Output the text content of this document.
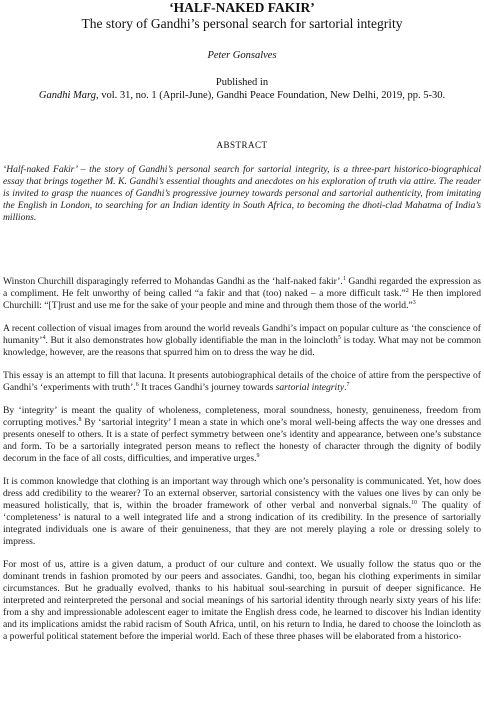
‘HALF-NAKED FAKIR’
The story of Gandhi’s personal search for sartorial integrity
Peter Gonsalves
Published in
Gandhi Marg, vol. 31, no. 1 (April-June), Gandhi Peace Foundation, New Delhi, 2019, pp. 5-30.
ABSTRACT
‘Half-naked Fakir’ – the story of Gandhi’s personal search for sartorial integrity, is a three-part historico-biographical essay that brings together M. K. Gandhi’s essential thoughts and anecdotes on his exploration of truth via attire. The reader is invited to grasp the nuances of Gandhi’s progressive journey towards personal and sartorial authenticity, from imitating the English in London, to searching for an Indian identity in South Africa, to becoming the dhoti-clad Mahatma of India’s millions.

Winston Churchill disparagingly referred to Mohandas Gandhi as the ‘half-naked fakir’.$^1$ Gandhi regarded the expression as a compliment. He felt unworthy of being called “a fakir and that (too) naked – a more difficult task.”$^2$ He then implored Churchill: “[T]rust and use me for the sake of your people and mine and through them those of the world.”$^3$

A recent collection of visual images from around the world reveals Gandhi’s impact on popular culture as ‘the conscience of humanity’$^4$. But it also demonstrates how globally identifiable the man in the loincloth$^5$ is today. What may not be common knowledge, however, are the reasons that spurred him on to dress the way he did.

This essay is an attempt to fill that lacuna. It presents autobiographical details of the choice of attire from the perspective of Gandhi’s ‘experiments with truth’.$^6$ It traces Gandhi’s journey towards sartorial integrity.$^7$

By ‘integrity’ is meant the quality of wholeness, completeness, moral soundness, honesty, genuineness, freedom from corrupting motives.$^8$ By ‘sartorial integrity’ I mean a state in which one’s moral well-being affects the way one dresses and presents oneself to others. It is a state of perfect symmetry between one’s identity and appearance, between one’s substance and form. To be a sartorially integrated person means to reflect the honesty of character through the dignity of bodily decorum in the face of all costs, difficulties, and imperative urges.$^9$

It is common knowledge that clothing is an important way through which one’s personality is communicated. Yet, how does dress add credibility to the wearer? To an external observer, sartorial consistency with the values one lives by can only be measured holistically, that is, within the broader framework of other verbal and nonverbal signals.$^{10}$ The quality of ‘completeness’ is natural to a well integrated life and a strong indication of its credibility. In the presence of sartorially integrated individuals one is aware of their genuineness, that they are not merely playing a role or dressing solely to impress.

For most of us, attire is a given datum, a product of our culture and context. We usually follow the status quo or the dominant trends in fashion promoted by our peers and associates. Gandhi, too, began his clothing experiments in similar circumstances. But he gradually evolved, thanks to his habitual soul-searching in pursuit of deeper significance. He interpreted and reinterpreted the personal and social meanings of his sartorial identity through nearly sixty years of his life: from a shy and impressionable adolescent eager to imitate the English dress code, he learned to discover his Indian identity and its implications amidst the rabid racism of South Africa, until, on his return to India, he dared to choose the loincloth as a powerful political statement before the imperial world. Each of these three phases will be elaborated from a historico-
